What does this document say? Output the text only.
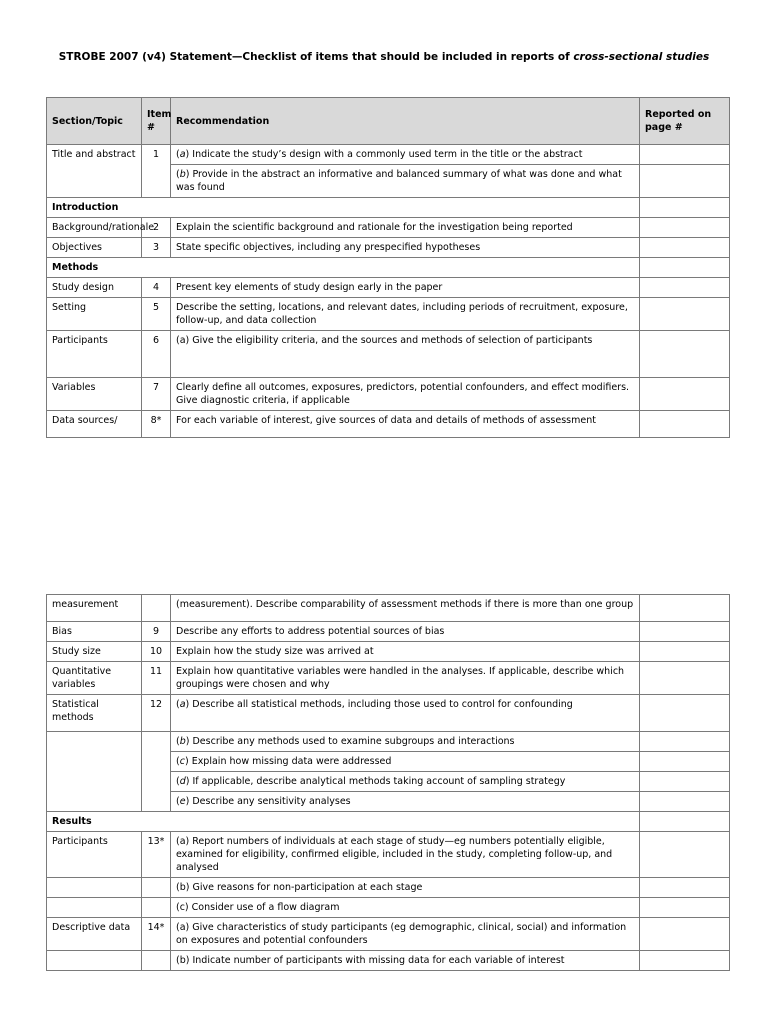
STROBE 2007 (v4) Statement—Checklist of items that should be included in reports of cross-sectional studies
Section/Topic	Item #	Recommendation	Reported on page #
Title and abstract	1	(a) Indicate the study’s design with a commonly used term in the title or the abstract	
		(b) Provide in the abstract an informative and balanced summary of what was done and what was found	
Introduction			
Background/rationale	2	Explain the scientific background and rationale for the investigation being reported	
Objectives	3	State specific objectives, including any prespecified hypotheses	
Methods			
Study design	4	Present key elements of study design early in the paper	
Setting	5	Describe the setting, locations, and relevant dates, including periods of recruitment, exposure, follow-up, and data collection	
Participants	6	(a) Give the eligibility criteria, and the sources and methods of selection of participants	
Variables	7	Clearly define all outcomes, exposures, predictors, potential confounders, and effect modifiers. Give diagnostic criteria, if applicable	
Data sources/	8*	For each variable of interest, give sources of data and details of methods of assessment	
measurement		(measurement). Describe comparability of assessment methods if there is more than one group	
Bias	9	Describe any efforts to address potential sources of bias	
Study size	10	Explain how the study size was arrived at	
Quantitative variables	11	Explain how quantitative variables were handled in the analyses. If applicable, describe which groupings were chosen and why	
Statistical methods	12	(a) Describe all statistical methods, including those used to control for confounding	
		(b) Describe any methods used to examine subgroups and interactions	
		(c) Explain how missing data were addressed	
		(d) If applicable, describe analytical methods taking account of sampling strategy	
		(e) Describe any sensitivity analyses	
Results			
Participants	13*	(a) Report numbers of individuals at each stage of study—eg numbers potentially eligible, examined for eligibility, confirmed eligible, included in the study, completing follow-up, and analysed	
		(b) Give reasons for non-participation at each stage	
		(c) Consider use of a flow diagram	
Descriptive data	14*	(a) Give characteristics of study participants (eg demographic, clinical, social) and information on exposures and potential confounders	
		(b) Indicate number of participants with missing data for each variable of interest	
